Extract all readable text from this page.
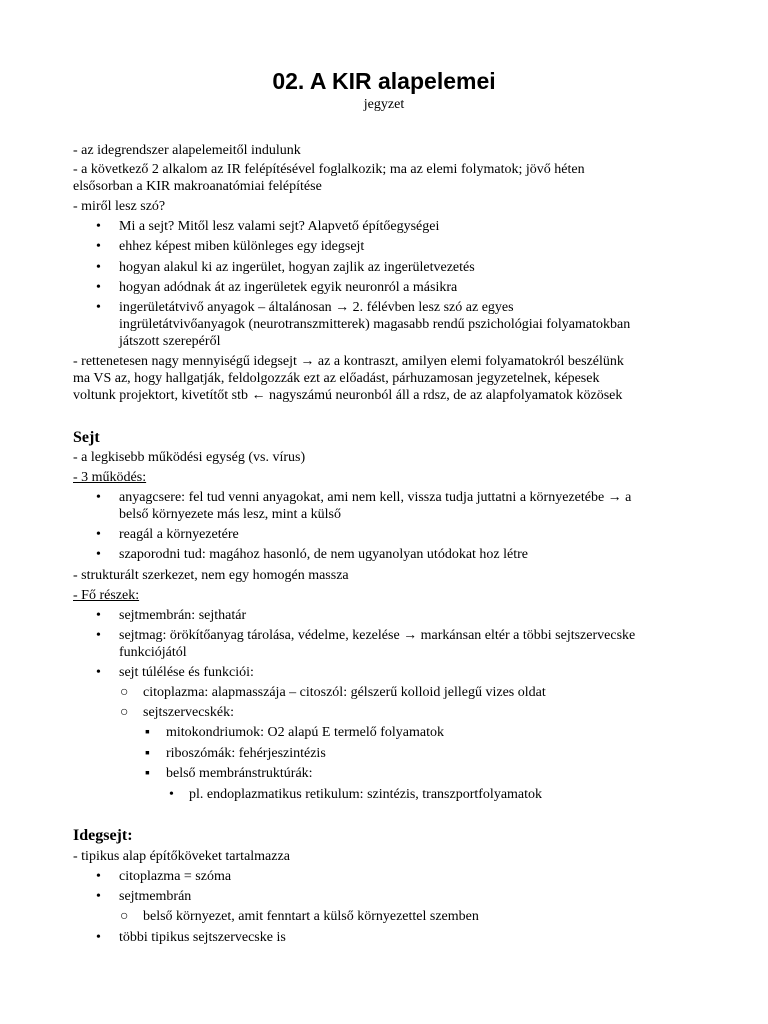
02. A KIR alapelemei
jegyzet
- az idegrendszer alapelemeitől indulunk
- a következő 2 alkalom az IR felépítésével foglalkozik; ma az elemi folymatok; jövő héten
elsősorban a KIR makroanatómiai felépítése
- miről lesz szó?
• Mi a sejt? Mitől lesz valami sejt? Alapvető építőegységei
• ehhez képest miben különleges egy idegsejt
• hogyan alakul ki az ingerület, hogyan zajlik az ingerületvezetés
• hogyan adódnak át az ingerületek egyik neuronról a másikra
• ingerületátvivő anyagok – általánosan → 2. félévben lesz szó az egyes
ingrületátvivőanyagok (neurotranszmitterek) magasabb rendű pszichológiai folyamatokban
játszott szerepéről
- rettenetesen nagy mennyiségű idegsejt → az a kontraszt, amilyen elemi folyamatokról beszélünk
ma VS az, hogy hallgatják, feldolgozzák ezt az előadást, párhuzamosan jegyzetelnek, képesek
voltunk projektort, kivetítőt stb ← nagyszámú neuronból áll a rdsz, de az alapfolyamatok közösek
Sejt
- a legkisebb működési egység (vs. vírus)
- 3 működés:
• anyagcsere: fel tud venni anyagokat, ami nem kell, vissza tudja juttatni a környezetébe → a
belső környezete más lesz, mint a külső
• reagál a környezetére
• szaporodni tud: magához hasonló, de nem ugyanolyan utódokat hoz létre
- strukturált szerkezet, nem egy homogén massza
- Fő részek:
• sejtmembrán: sejthatár
• sejtmag: örökítőanyag tárolása, védelme, kezelése → markánsan eltér a többi sejtszervecske
funkciójától
• sejt túlélése és funkciói:
○ citoplazma: alapmasszája – citoszól: gélszerű kolloid jellegű vizes oldat
○ sejtszervecskék:
▪ mitokondriumok: O2 alapú E termelő folyamatok
▪ riboszómák: fehérjeszintézis
▪ belső membránstruktúrák:
• pl. endoplazmatikus retikulum: szintézis, transzportfolyamatok
Idegsejt:
- tipikus alap építőköveket tartalmazza
• citoplazma = szóma
• sejtmembrán
○ belső környezet, amit fenntart a külső környezettel szemben
• többi tipikus sejtszervecske is
